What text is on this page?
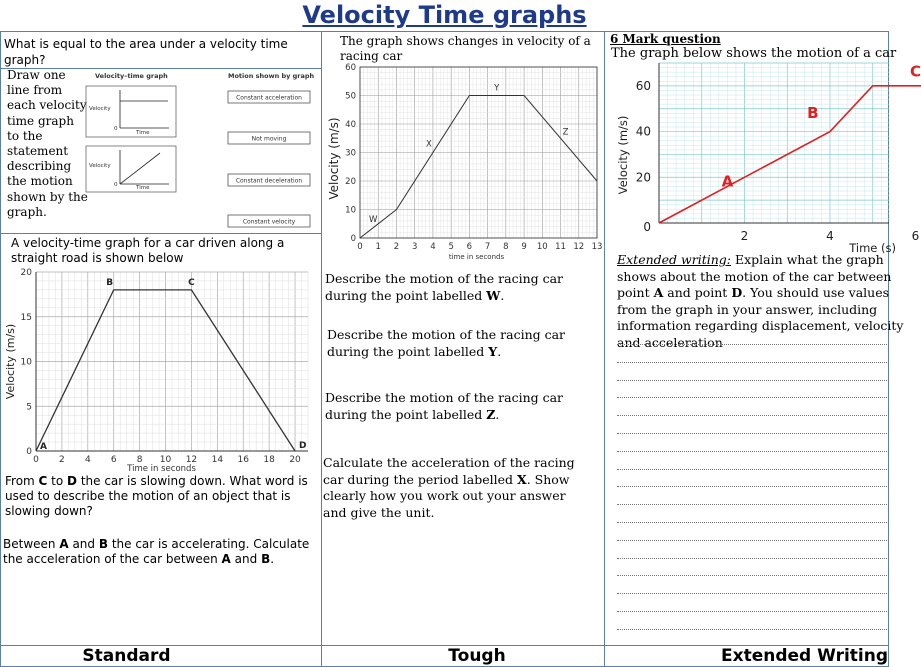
Velocity Time graphs
What is equal to the area under a velocity time graph?
Draw one line from each velocity time graph to the statement describing the motion shown by the graph.
Velocity–time graph	Motion shown by graph
Velocity
Time
0
Velocity
Time
0
Constant acceleration
Not moving
Constant deceleration
Constant velocity
A velocity-time graph for a car driven along a straight road is shown below
0 2 4 6 8 10 12 14 16 18 20
0
5
10
15
20
Time in seconds
Velocity (m/s)
A
B	C
D
From C to D the car is slowing down. What word is used to describe the motion of an object that is slowing down?
Between A and B the car is accelerating. Calculate the acceleration of the car between A and B.
The graph shows changes in velocity of a racing car
0 1 2 3 4 5 6 7 8 9 10 11 12 13
0
10
20
30
40
50
60
time in seconds
Velocity (m/s)
W
X
Y
Z
Describe the motion of the racing car during the point labelled W.
Describe the motion of the racing car during the point labelled Y.
Describe the motion of the racing car during the point labelled Z.
Calculate the acceleration of the racing car during the period labelled X. Show clearly how you work out your answer and give the unit.
6 Mark question
The graph below shows the motion of a car
2	4	6
20
40
60
0
Time (s)
Velocity (m/s)	A
B
C
Extended writing: Explain what the graph shows about the motion of the car between point A and point D. You should use values from the graph in your answer, including information regarding displacement, velocity and acceleration
Standard	Tough	Extended Writing
